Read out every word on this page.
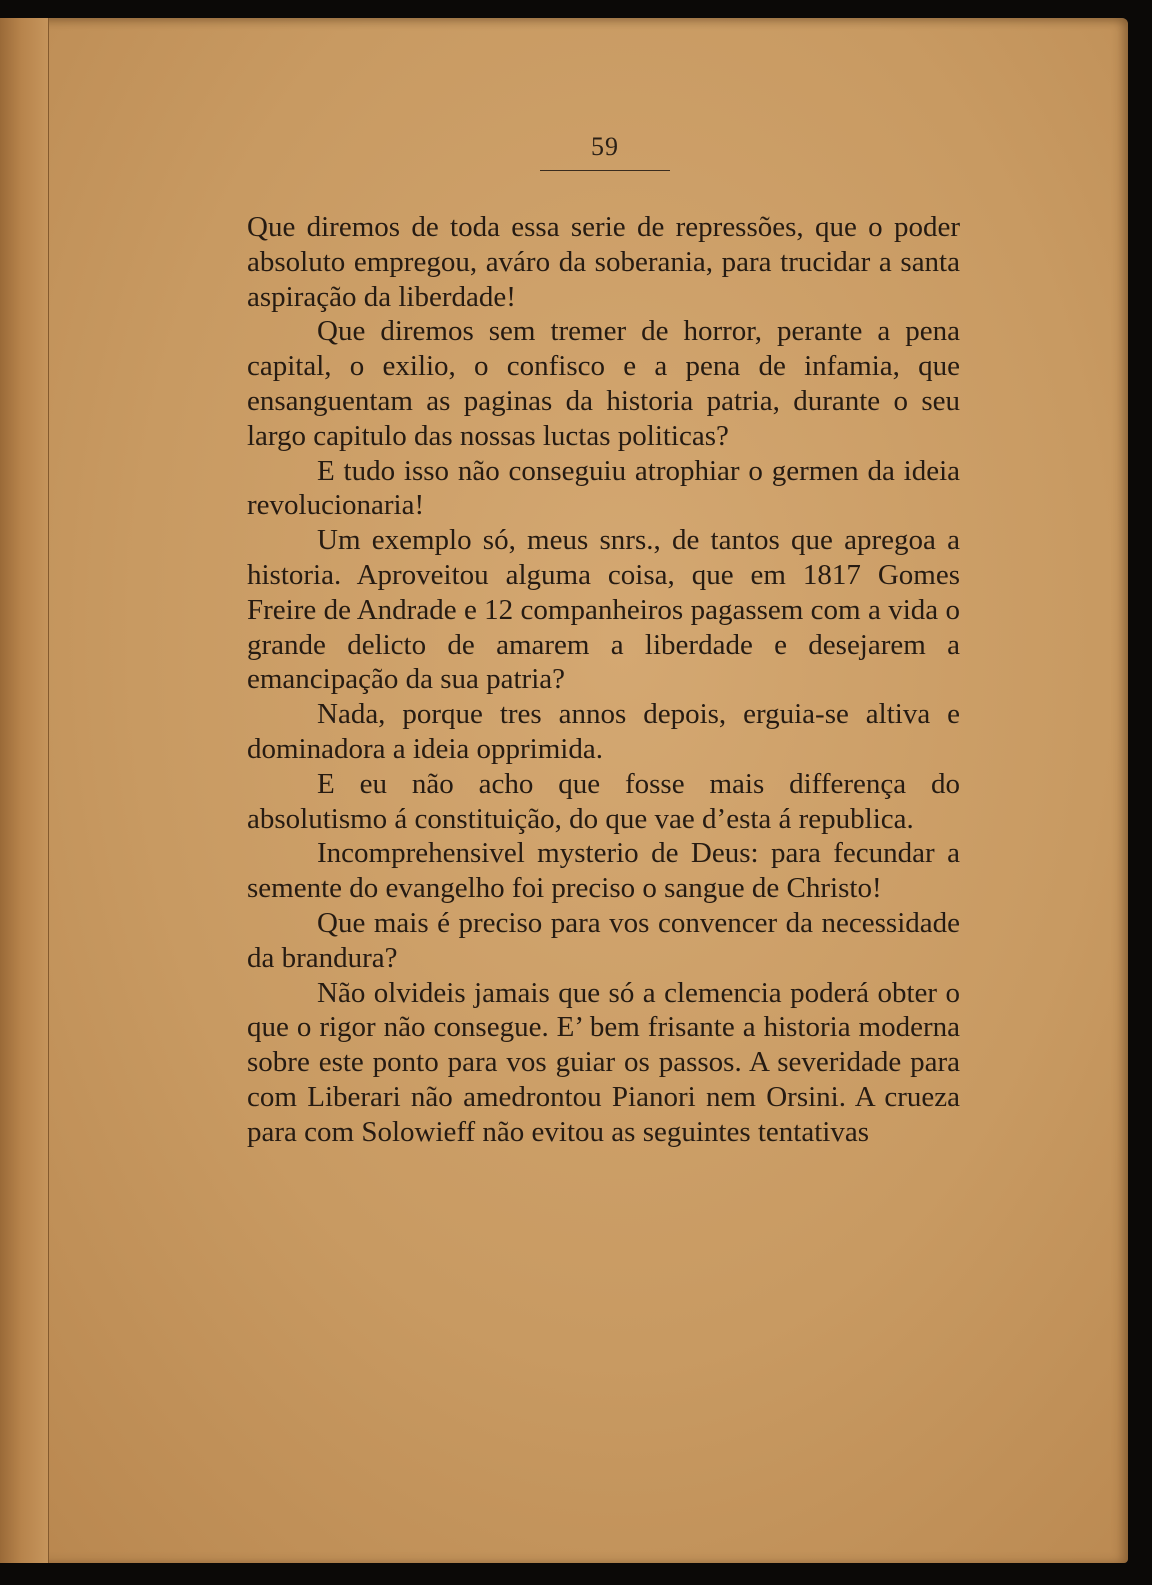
59

Que diremos de toda essa serie de repressões, que o poder absoluto empregou, aváro da soberania, para trucidar a santa aspiração da liberdade!

Que diremos sem tremer de horror, perante a pena capital, o exilio, o confisco e a pena de infamia, que ensanguentam as paginas da historia patria, durante o seu largo capitulo das nossas luctas politicas?

E tudo isso não conseguiu atrophiar o germen da ideia revolucionaria!

Um exemplo só, meus snrs., de tantos que apregoa a historia. Aproveitou alguma coisa, que em 1817 Gomes Freire de Andrade e 12 companheiros pagassem com a vida o grande delicto de amarem a liberdade e desejarem a emancipação da sua patria?

Nada, porque tres annos depois, erguia-se altiva e dominadora a ideia opprimida.

E eu não acho que fosse mais differença do absolutismo á constituição, do que vae d’esta á republica.

Incomprehensivel mysterio de Deus: para fecundar a semente do evangelho foi preciso o sangue de Christo!

Que mais é preciso para vos convencer da necessidade da brandura?

Não olvideis jamais que só a clemencia poderá obter o que o rigor não consegue. E’ bem frisante a historia moderna sobre este ponto para vos guiar os passos. A severidade para com Liberari não amedrontou Pianori nem Orsini. A crueza para com Solowieff não evitou as seguintes tentativas
